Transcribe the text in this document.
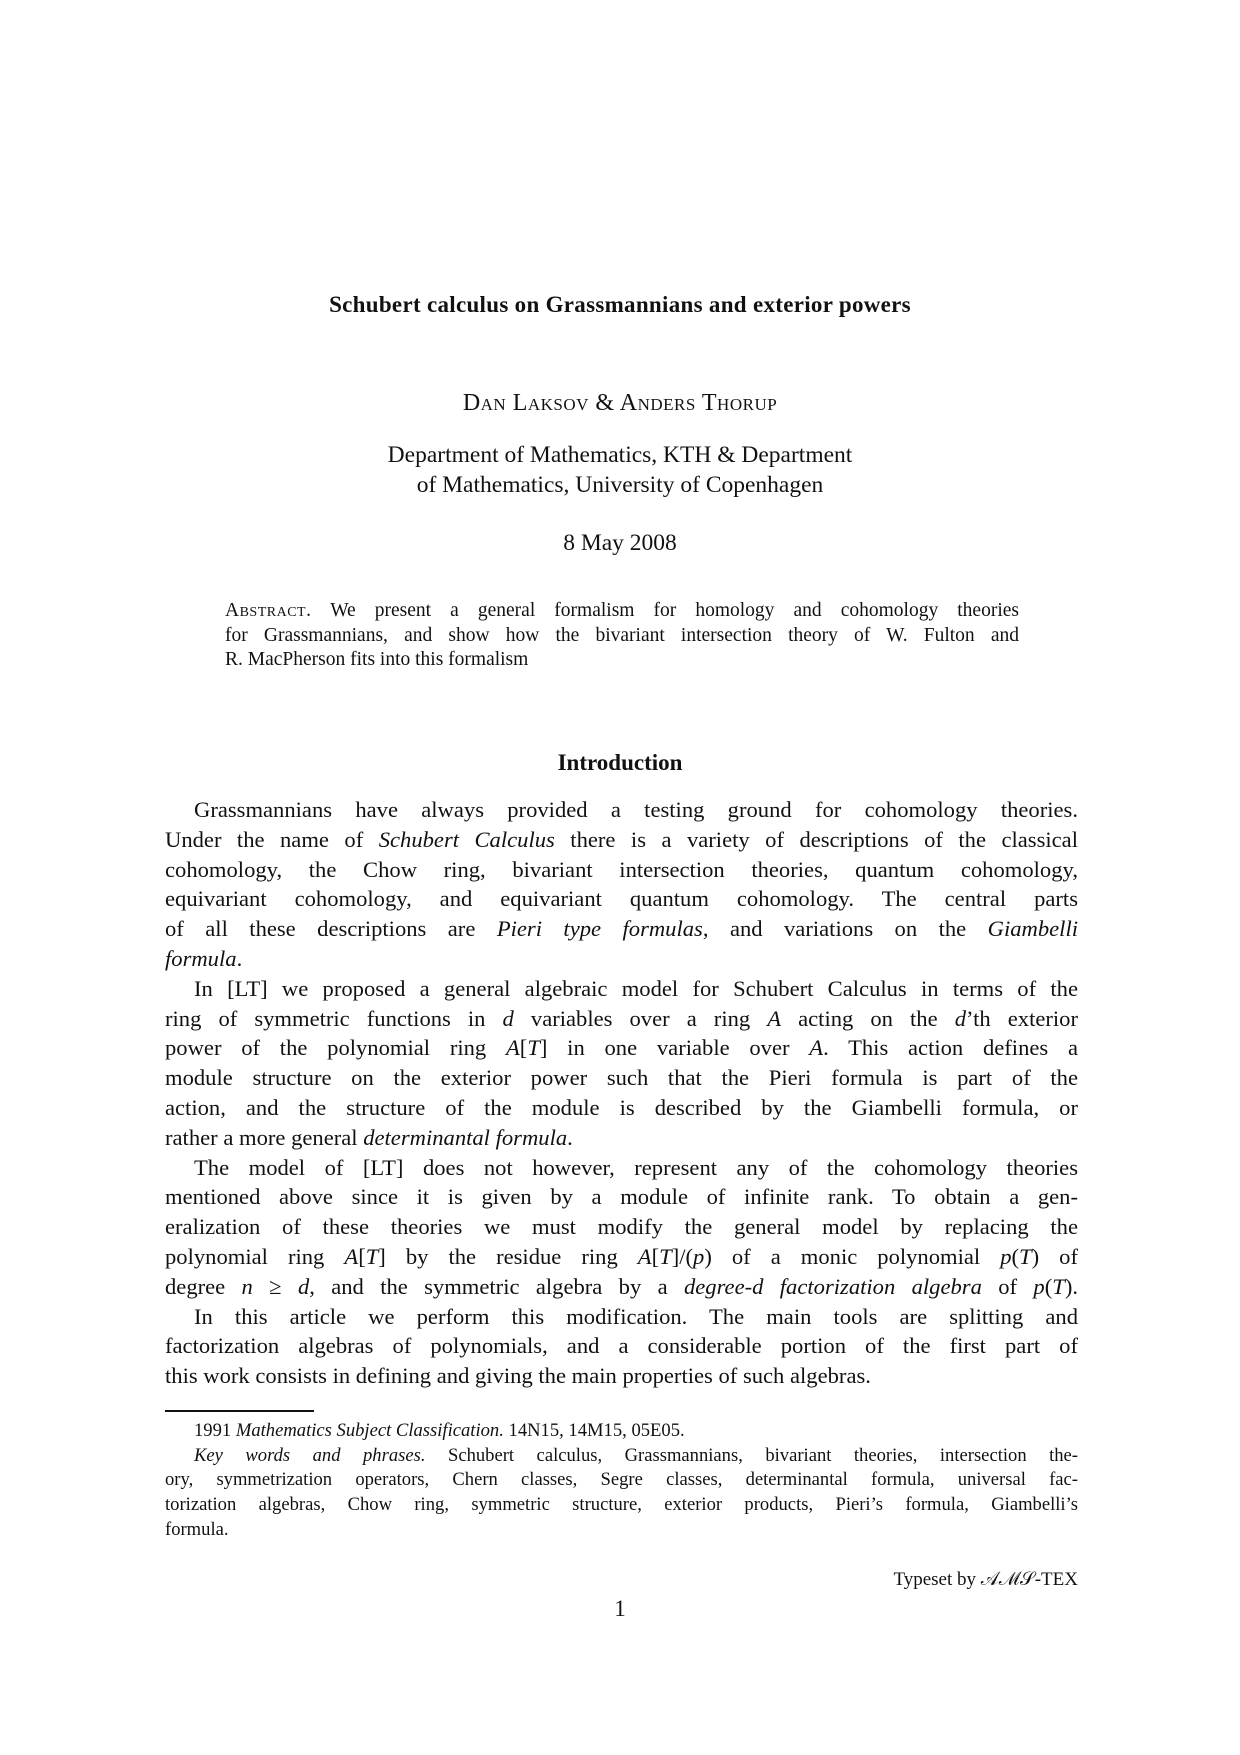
Schubert calculus on Grassmannians and exterior powers
Dan Laksov & Anders Thorup
Department of Mathematics, KTH & Department
of Mathematics, University of Copenhagen
8 May 2008
Abstract. We present a general formalism for homology and cohomology theories
for Grassmannians, and show how the bivariant intersection theory of W. Fulton and
R. MacPherson fits into this formalism
Introduction
Grassmannians have always provided a testing ground for cohomology theories.
Under the name of Schubert Calculus there is a variety of descriptions of the classical
cohomology, the Chow ring, bivariant intersection theories, quantum cohomology,
equivariant cohomology, and equivariant quantum cohomology. The central parts
of all these descriptions are Pieri type formulas, and variations on the Giambelli
formula.
In [LT] we proposed a general algebraic model for Schubert Calculus in terms of the
ring of symmetric functions in d variables over a ring A acting on the d’th exterior
power of the polynomial ring A[T] in one variable over A. This action defines a
module structure on the exterior power such that the Pieri formula is part of the
action, and the structure of the module is described by the Giambelli formula, or
rather a more general determinantal formula.
The model of [LT] does not however, represent any of the cohomology theories
mentioned above since it is given by a module of infinite rank. To obtain a gen-
eralization of these theories we must modify the general model by replacing the
polynomial ring A[T] by the residue ring A[T]/(p) of a monic polynomial p(T) of
degree n ≥ d, and the symmetric algebra by a degree-d factorization algebra of p(T).
In this article we perform this modification. The main tools are splitting and
factorization algebras of polynomials, and a considerable portion of the first part of
this work consists in defining and giving the main properties of such algebras.
1991 Mathematics Subject Classification. 14N15, 14M15, 05E05.
Key words and phrases. Schubert calculus, Grassmannians, bivariant theories, intersection the-
ory, symmetrization operators, Chern classes, Segre classes, determinantal formula, universal fac-
torization algebras, Chow ring, symmetric structure, exterior products, Pieri’s formula, Giambelli’s
formula.
Typeset by 𝒜ℳ𝒮-TEX
1
